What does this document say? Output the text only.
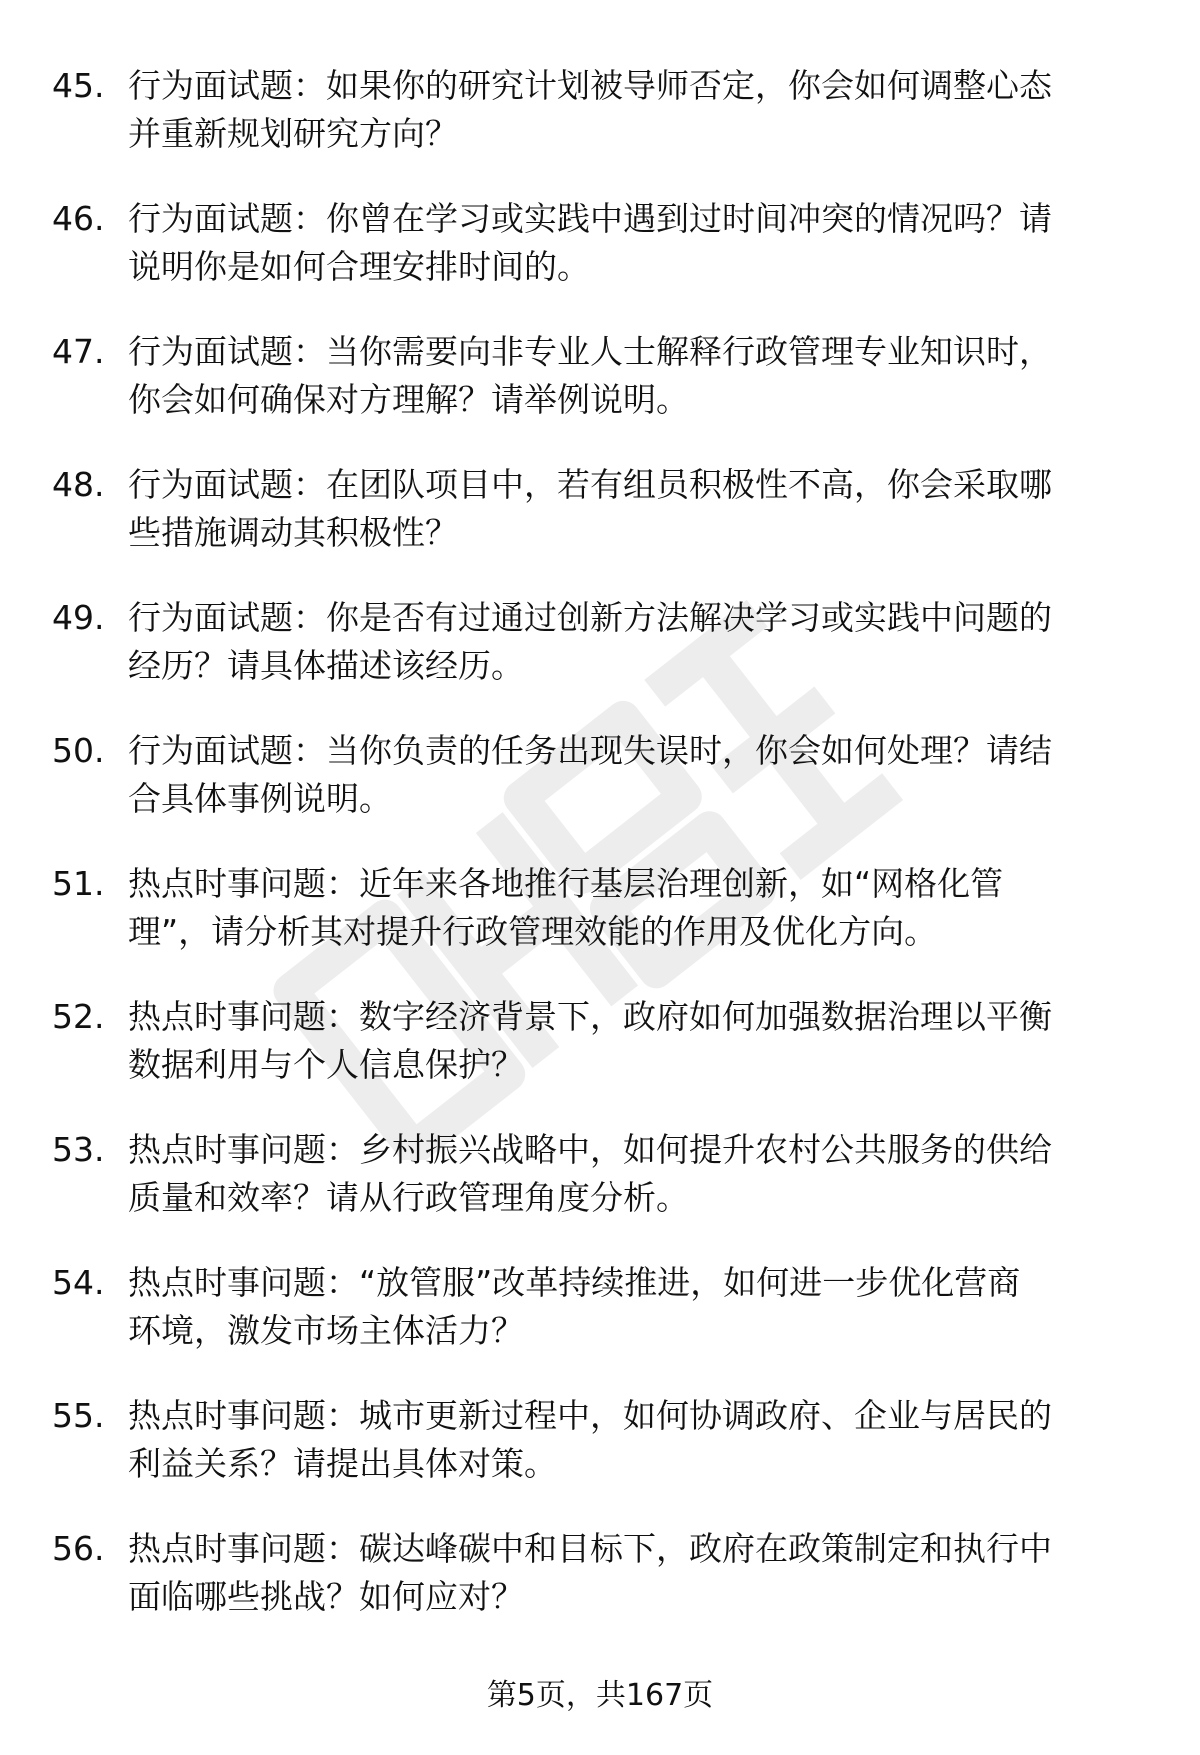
45. 行为面试题：如果你的研究计划被导师否定，你会如何调整心态
并重新规划研究方向？
46. 行为面试题：你曾在学习或实践中遇到过时间冲突的情况吗？请
说明你是如何合理安排时间的。
47. 行为面试题：当你需要向非专业人士解释行政管理专业知识时，
你会如何确保对方理解？请举例说明。
48. 行为面试题：在团队项目中，若有组员积极性不高，你会采取哪
些措施调动其积极性？
49. 行为面试题：你是否有过通过创新方法解决学习或实践中问题的
经历？请具体描述该经历。
50. 行为面试题：当你负责的任务出现失误时，你会如何处理？请结
合具体事例说明。
51. 热点时事问题：近年来各地推行基层治理创新，如“网格化管
理”，请分析其对提升行政管理效能的作用及优化方向。
52. 热点时事问题：数字经济背景下，政府如何加强数据治理以平衡
数据利用与个人信息保护？
53. 热点时事问题：乡村振兴战略中，如何提升农村公共服务的供给
质量和效率？请从行政管理角度分析。
54. 热点时事问题：“放管服”改革持续推进，如何进一步优化营商
环境，激发市场主体活力？
55. 热点时事问题：城市更新过程中，如何协调政府、企业与居民的
利益关系？请提出具体对策。
56. 热点时事问题：碳达峰碳中和目标下，政府在政策制定和执行中
面临哪些挑战？如何应对？
第5页，共167页
